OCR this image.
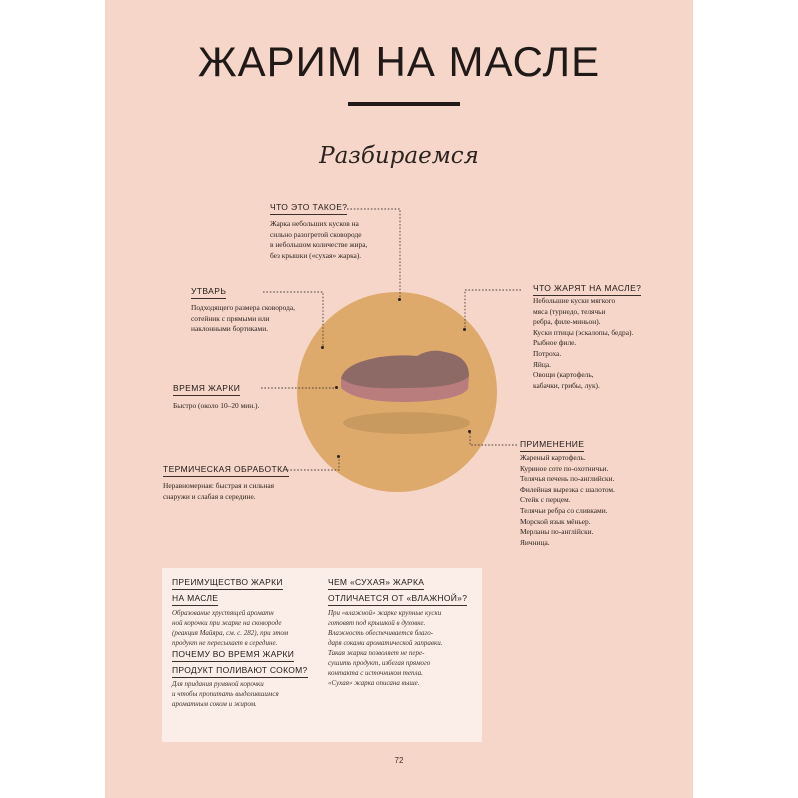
ЖАРИМ НА МАСЛЕ
Разбираемся
ЧТО ЭТО ТАКОЕ?
Жарка небольших кусков на
сильно разогретой сковороде
в небольшом количестве жира,
без крышки («сухая» жарка).
УТВАРЬ
Подходящего размера сковорода,
сотейник с прямыми или
наклонными бортиками.
ВРЕМЯ ЖАРКИ
Быстро (около 10–20 мин.).
ТЕРМИЧЕСКАЯ ОБРАБОТКА
Неравномерная: быстрая и сильная
снаружи и слабая в середине.
ЧТО ЖАРЯТ НА МАСЛЕ?
Небольшие куски мягкого
мяса (турнедо, телячьи
ребра, филе-миньон).
Куски птицы (эскалопы, бедра).
Рыбное филе.
Потроха.
Яйца.
Овощи (картофель,
кабачки, грибы, лук).
ПРИМЕНЕНИЕ
Жареный картофель.
Куриное соте по-охотничьи.
Телячья печень по-английски.
Филейная вырезка с шалотом.
Стейк с перцем.
Телячьи ребра со сливками.
Морской язык мёньер.
Мерланы по-англійски.
Яичница.
ПРЕИМУЩЕСТВО ЖАРКИ
НА МАСЛЕ
Образование хрустящей ароматн
ной корочки при жарке на сковороде
(реакция Майяра, см. с. 282), при этом
продукт не пересыхает в середине.
ПОЧЕМУ ВО ВРЕМЯ ЖАРКИ
ПРОДУКТ ПОЛИВАЮТ СОКОМ?
Для придания румяной корочки
и чтобы пропитать выделившимся
ароматным соком и жиром.
ЧЕМ «СУХАЯ» ЖАРКА
ОТЛИЧАЕТСЯ ОТ «ВЛАЖНОЙ»?
При «влажной» жарке крупные куски
готовят под крышкой в духовке.
Влажность обеспечивается благо-
даря соками ароматической заправки.
Такая жарка позволяет не пере-
сушить продукт, избегая прямого
контакта с источником тепла.
«Сухая» жарка описана выше.
72
